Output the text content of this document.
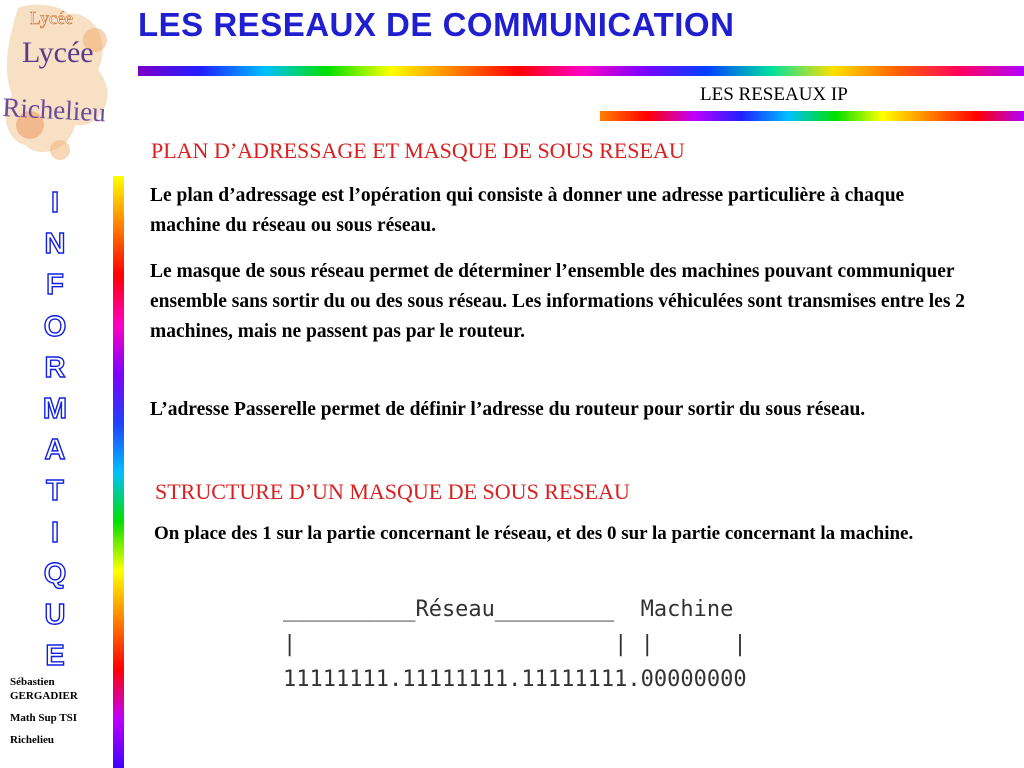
Lycée
Lycée
Richelieu
LES RESEAUX DE COMMUNICATION
LES RESEAUX IP
I
N
F
O
R
M
A
T
I
Q
U
E

Sébastien
GERGADIER

Math Sup TSI

Richelieu

PLAN D’ADRESSAGE ET MASQUE DE SOUS RESEAU

Le plan d’adressage est l’opération qui consiste à donner une adresse particulière à chaque machine du réseau ou sous réseau.

Le masque de sous réseau permet de déterminer l’ensemble des machines pouvant communiquer ensemble sans sortir du ou des sous réseau. Les informations véhiculées sont transmises entre les 2 machines, mais ne passent pas par le routeur.

L’adresse Passerelle permet de définir l’adresse du routeur pour sortir du sous réseau.

STRUCTURE D’UN MASQUE DE SOUS RESEAU

On place des 1 sur la partie concernant le réseau, et des 0 sur la partie concernant la machine.

__________Réseau_________  Machine
|                        | |      |
11111111.11111111.11111111.00000000
